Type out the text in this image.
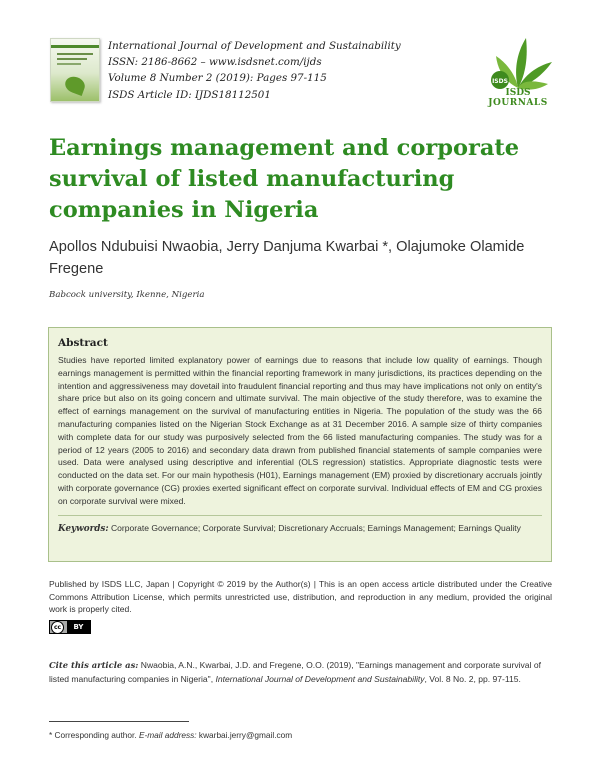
International Journal of Development and Sustainability
ISSN: 2186-8662 – www.isdsnet.com/ijds
Volume 8 Number 2 (2019): Pages 97-115
ISDS Article ID: IJDS18112501
ISDS
ISDS
JOURNALS
Earnings management and corporate survival of listed manufacturing companies in Nigeria
Apollos Ndubuisi Nwaobia, Jerry Danjuma Kwarbai *, Olajumoke Olamide Fregene
Babcock university, Ikenne, Nigeria
Abstract
Studies have reported limited explanatory power of earnings due to reasons that include low quality of earnings. Though earnings management is permitted within the financial reporting framework in many jurisdictions, its practices depending on the intention and aggressiveness may dovetail into fraudulent financial reporting and thus may have implications not only on entity's share price but also on its going concern and ultimate survival. The main objective of the study therefore, was to examine the effect of earnings management on the survival of manufacturing entities in Nigeria. The population of the study was the 66 manufacturing companies listed on the Nigerian Stock Exchange as at 31 December 2016. A sample size of thirty companies with complete data for our study was purposively selected from the 66 listed manufacturing companies. The study was for a period of 12 years (2005 to 2016) and secondary data drawn from published financial statements of sample companies were used. Data were analysed using descriptive and inferential (OLS regression) statistics. Appropriate diagnostic tests were conducted on the data set. For our main hypothesis (H01), Earnings management (EM) proxied by discretionary accruals jointly with corporate governance (CG) proxies exerted significant effect on corporate survival. Individual effects of EM and CG proxies on corporate survival were mixed.
Keywords: Corporate Governance; Corporate Survival; Discretionary Accruals; Earnings Management; Earnings Quality
Published by ISDS LLC, Japan | Copyright © 2019 by the Author(s) | This is an open access article distributed under the Creative Commons Attribution License, which permits unrestricted use, distribution, and reproduction in any medium, provided the original work is properly cited.
cc	BY
Cite this article as: Nwaobia, A.N., Kwarbai, J.D. and Fregene, O.O. (2019), "Earnings management and corporate survival of listed manufacturing companies in Nigeria", International Journal of Development and Sustainability, Vol. 8 No. 2, pp. 97-115.
* Corresponding author. E-mail address: kwarbai.jerry@gmail.com
